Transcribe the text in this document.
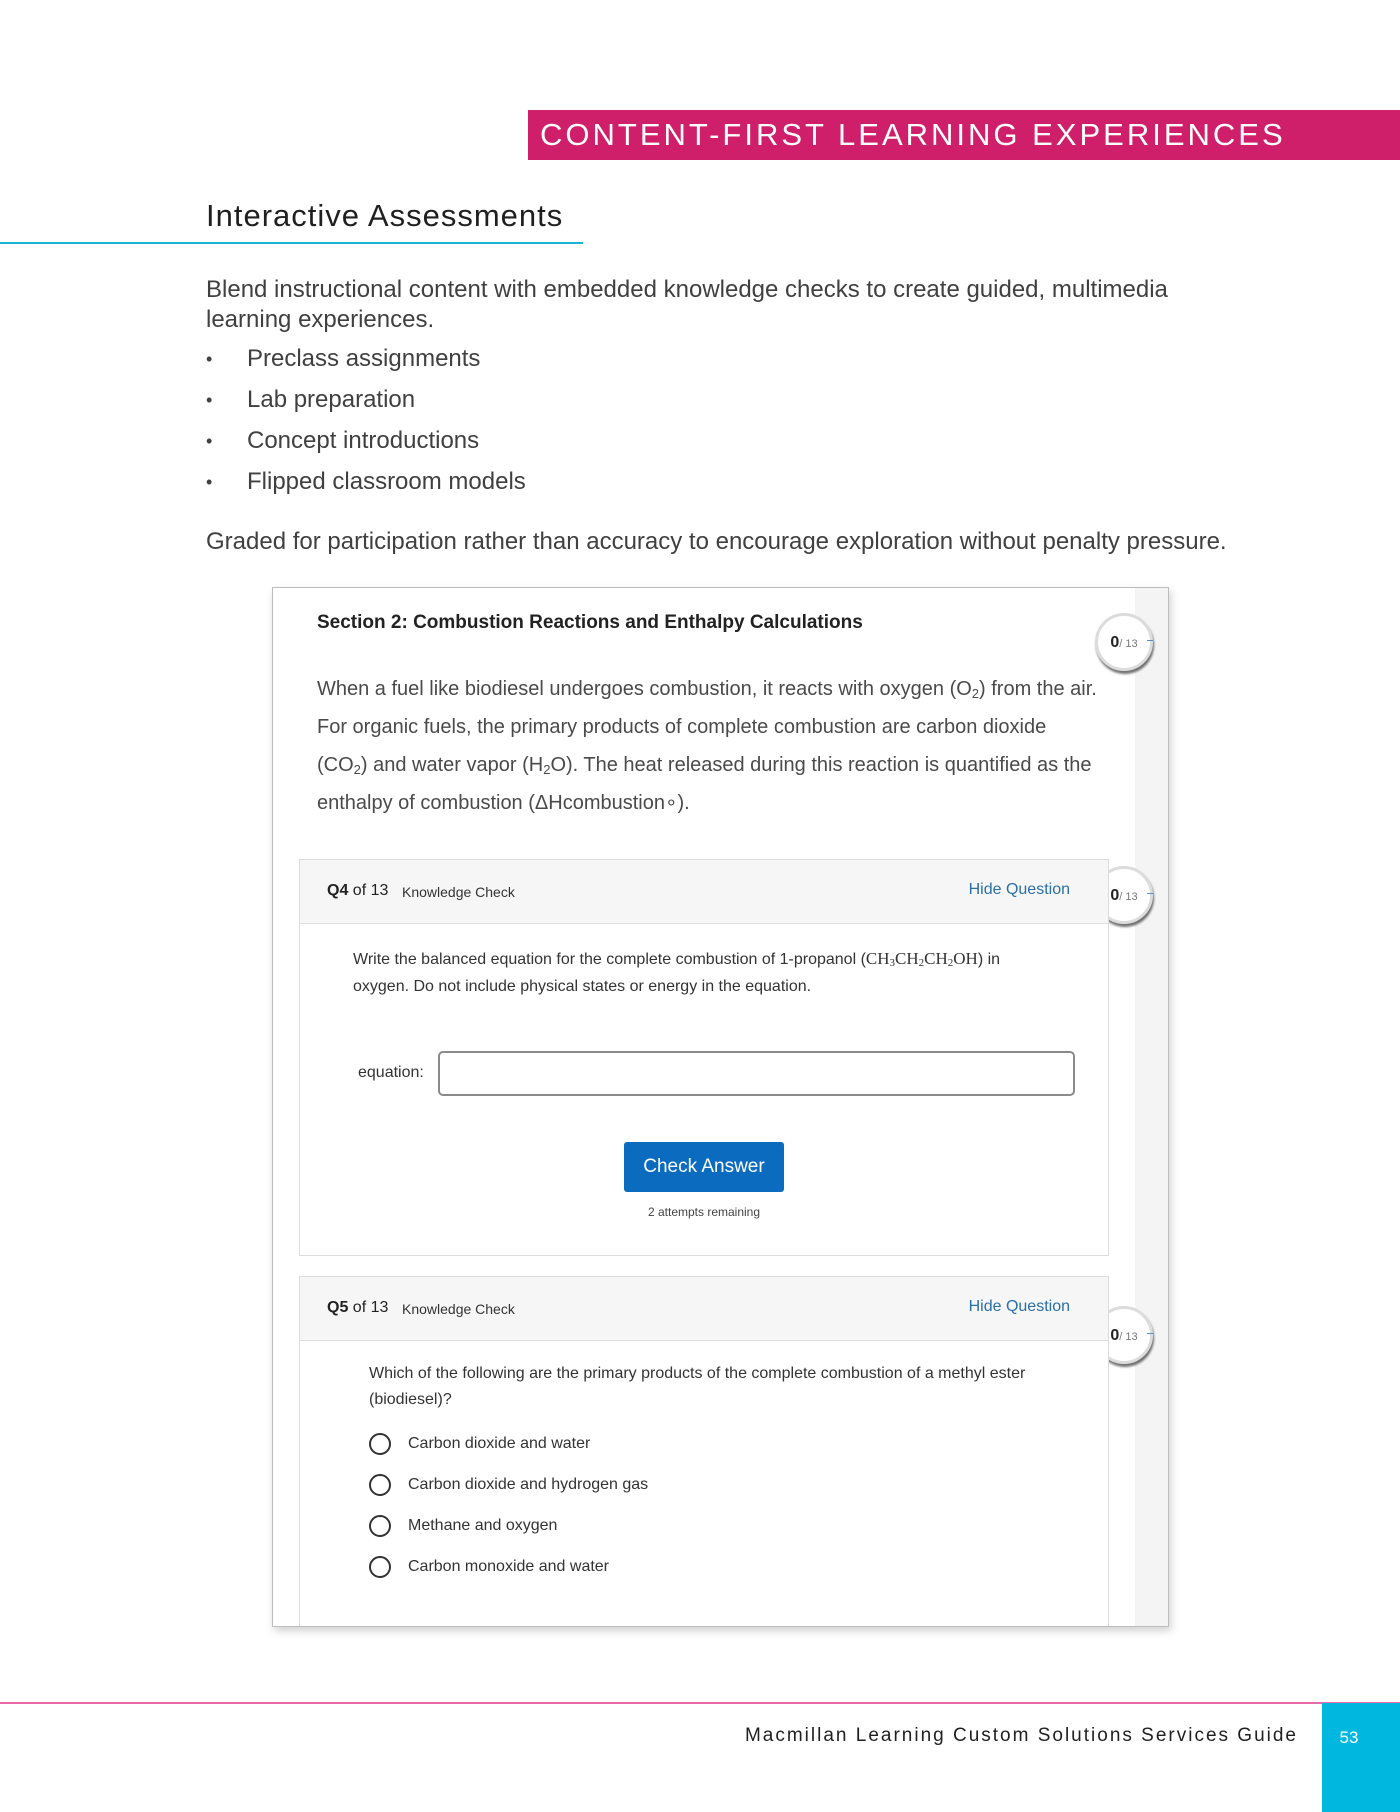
CONTENT-FIRST LEARNING EXPERIENCES
Interactive Assessments

Blend instructional content with embedded knowledge checks to create guided, multimedia learning experiences.

• Preclass assignments
• Lab preparation
• Concept introductions
• Flipped classroom models

Graded for participation rather than accuracy to encourage exploration without penalty pressure.

Section 2: Combustion Reactions and Enthalpy Calculations

When a fuel like biodiesel undergoes combustion, it reacts with oxygen $(O_2)$ from the air. For organic fuels, the primary products of complete combustion are carbon dioxide $(CO_2)$ and water vapor $(H_2O)$. The heat released during this reaction is quantified as the enthalpy of combustion (ΔHcombustion∘).

0/ 13
0/ 13
0/ 13
Q4 of 13 Knowledge Check	Hide Question

Write the balanced equation for the complete combustion of 1-propanol $(CH_3CH_2CH_2OH)$ in oxygen. Do not include physical states or energy in the equation.

equation:
Check Answer
2 attempts remaining
Q5 of 13 Knowledge Check	Hide Question

Which of the following are the primary products of the complete combustion of a methyl ester (biodiesel)?

Carbon dioxide and water
Carbon dioxide and hydrogen gas
Methane and oxygen
Carbon monoxide and water
Macmillan Learning Custom Solutions Services Guide	53
